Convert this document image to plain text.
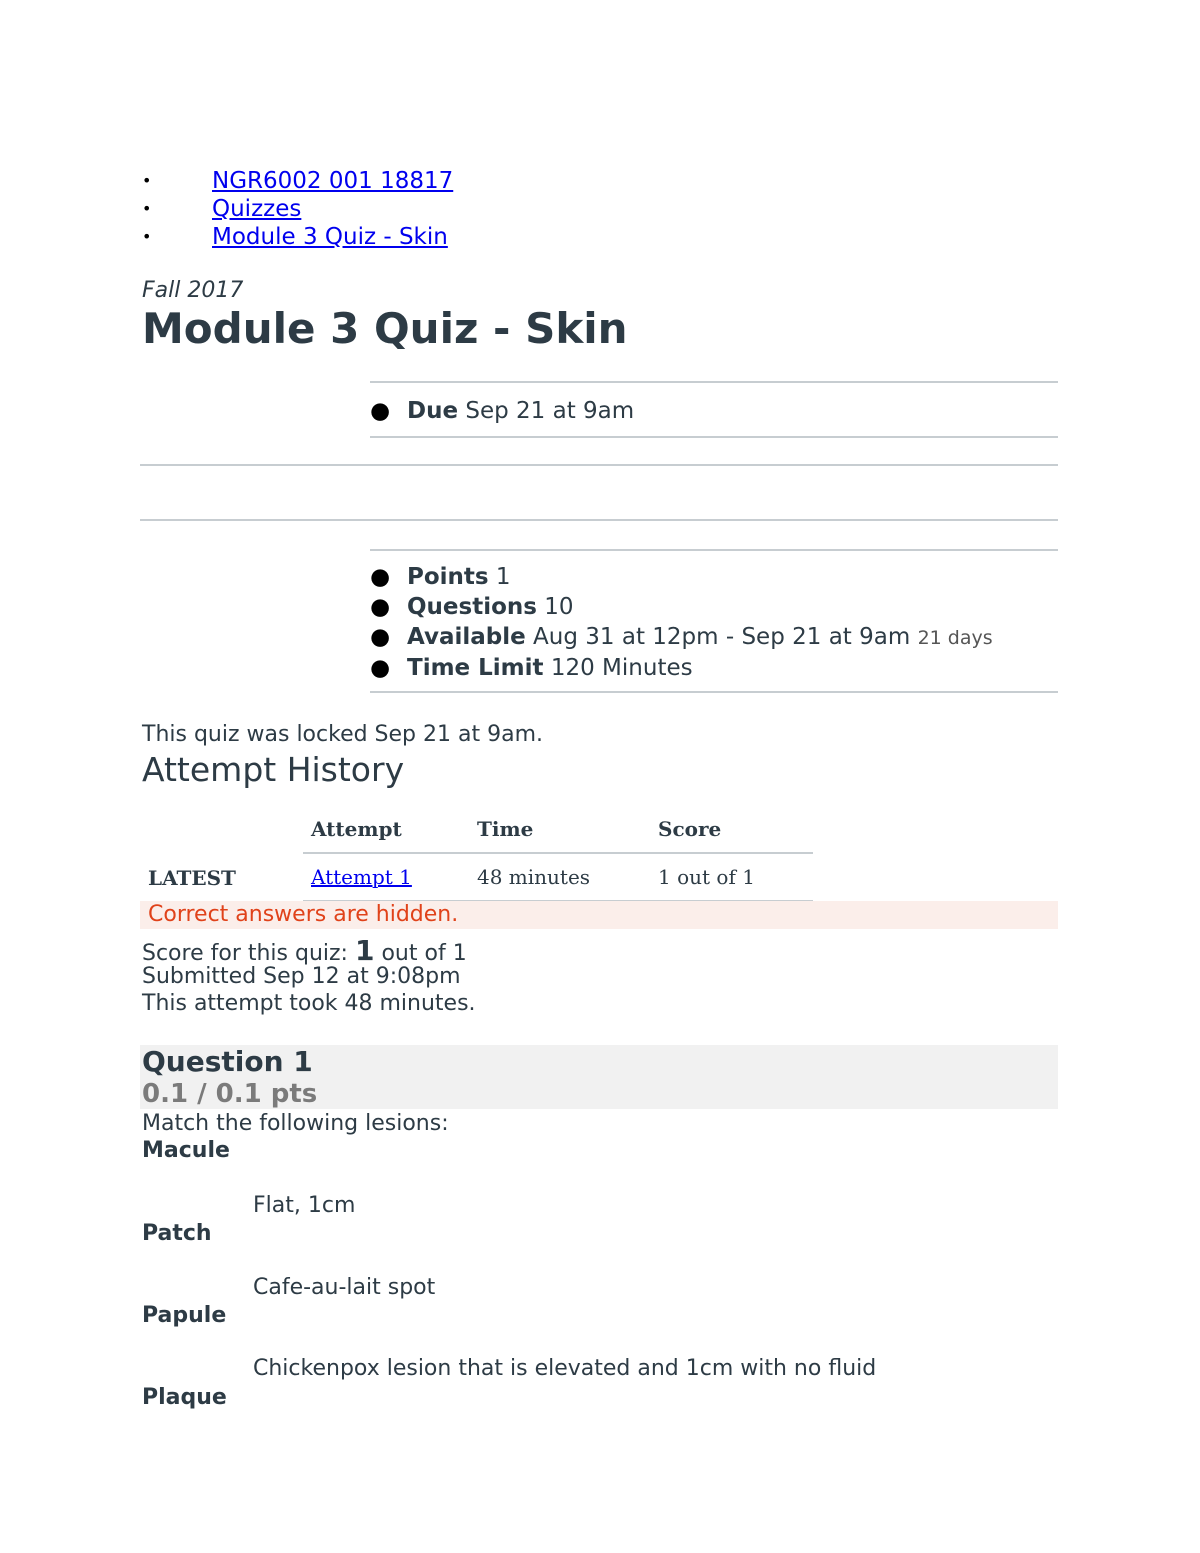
•	NGR6002 001 18817
•	Quizzes
•	Module 3 Quiz - Skin
Fall 2017
Module 3 Quiz - Skin
● Due Sep 21 at 9am
● Points 1
● Questions 10
● Available Aug 31 at 12pm - Sep 21 at 9am 21 days
● Time Limit 120 Minutes
This quiz was locked Sep 21 at 9am.
Attempt History
	Attempt	Time	Score
LATEST	Attempt 1	48 minutes	1 out of 1
Correct answers are hidden.
Score for this quiz: 1 out of 1
Submitted Sep 12 at 9:08pm
This attempt took 48 minutes.
Question 1
0.1 / 0.1 pts
Match the following lesions:
Macule
Flat, 1cm
Patch
Cafe-au-lait spot
Papule
Chickenpox lesion that is elevated and 1cm with no fluid
Plaque
